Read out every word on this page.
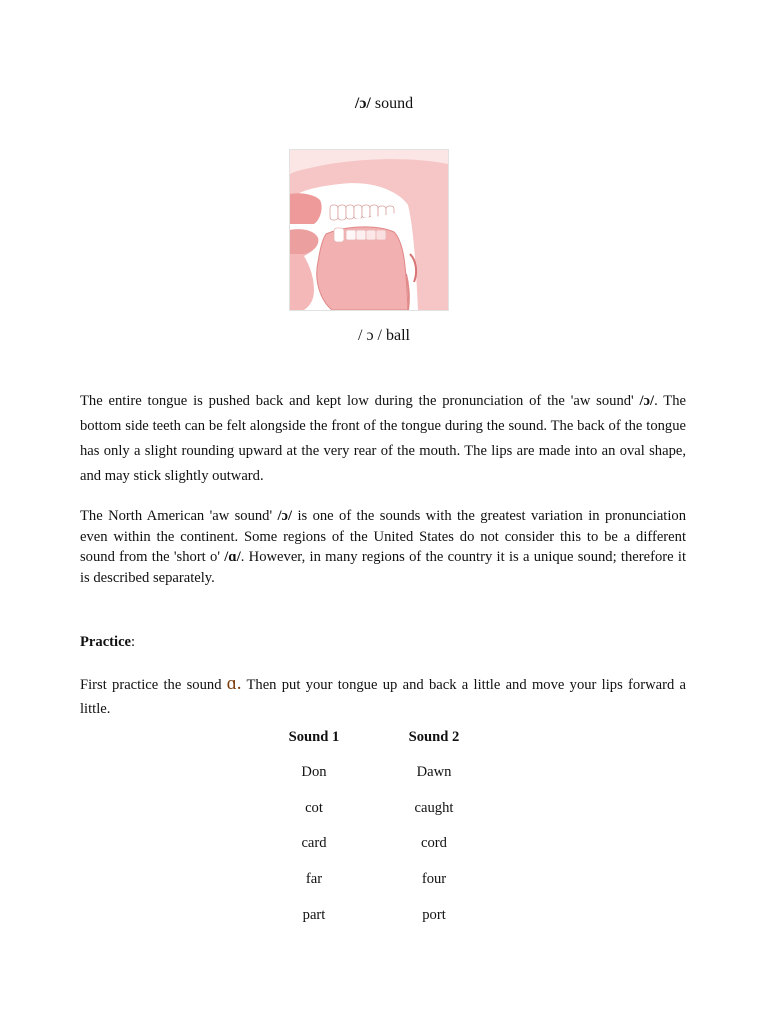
/ɔ/ sound
/ ɔ / ball

The entire tongue is pushed back and kept low during the pronunciation of the 'aw sound' /ɔ/. The bottom side teeth can be felt alongside the front of the tongue during the sound. The back of the tongue has only a slight rounding upward at the very rear of the mouth. The lips are made into an oval shape, and may stick slightly outward.

The North American 'aw sound' /ɔ/ is one of the sounds with the greatest variation in pronunciation even within the continent. Some regions of the United States do not consider this to be a different sound from the 'short o' /ɑ/. However, in many regions of the country it is a unique sound; therefore it is described separately.

Practice:

First practice the sound ɑ. Then put your tongue up and back a little and move your lips forward a little.

Sound 1	Sound 2
Don	Dawn
cot	caught
card	cord
far	four
part	port
